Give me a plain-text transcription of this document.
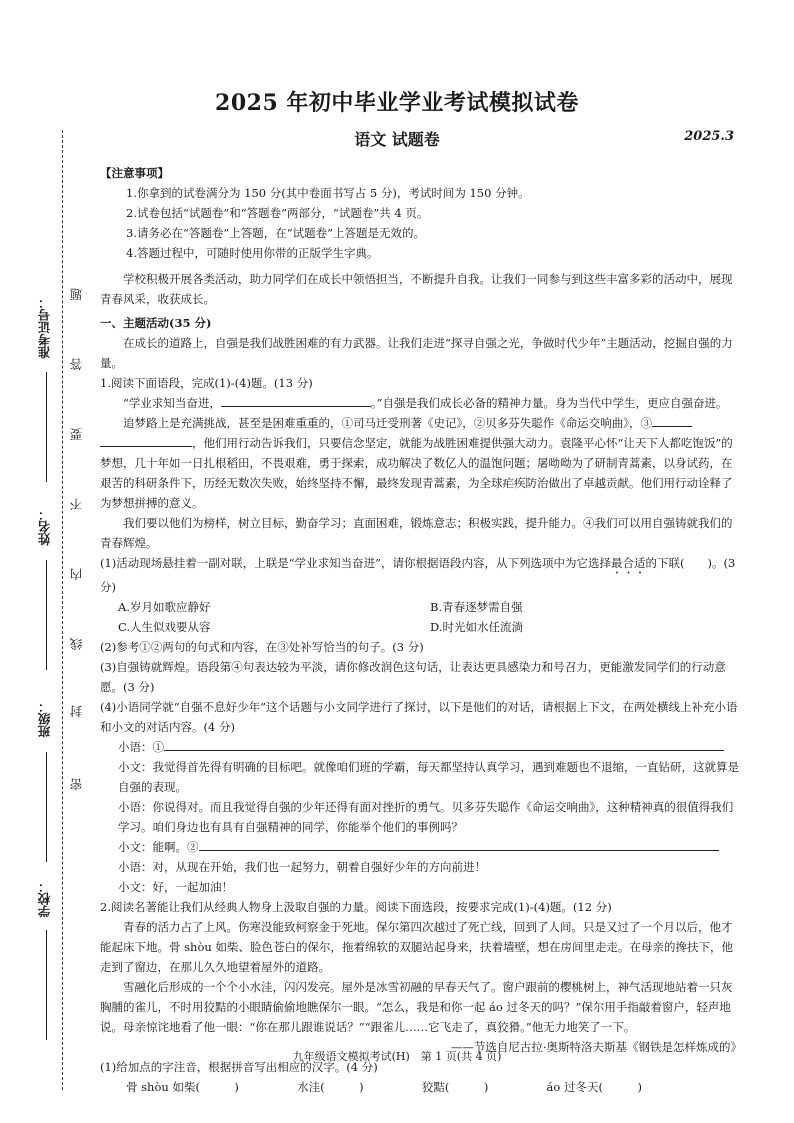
2025 年初中毕业学业考试模拟试卷
语文 试题卷	2025.3
准考证号：
姓名：
班级：
学校：
密
封
线
内
不
要
答
题

【注意事项】

1.你拿到的试卷满分为 150 分(其中卷面书写占 5 分)，考试时间为 150 分钟。

2.试卷包括“试题卷”和“答题卷”两部分，“试题卷”共 4 页。

3.请务必在“答题卷”上答题，在“试题卷”上答题是无效的。

4.答题过程中，可随时使用你带的正版学生字典。

学校积极开展各类活动，助力同学们在成长中领悟担当，不断提升自我。让我们一同参与到这些丰富多彩的活动中，展现青春风采，收获成长。

一、主题活动(35 分)

在成长的道路上，自强是我们战胜困难的有力武器。让我们走进“探寻自强之光，争做时代少年”主题活动，挖掘自强的力量。

1.阅读下面语段，完成(1)-(4)题。(13 分)

“学业求知当奋进，	。”自强是我们成长必备的精神力量。身为当代中学生，更应自强奋进。

追梦路上是充满挑战，甚至是困难重重的，①司马迁受刑著《史记》，②贝多芬失聪作《命运交响曲》，③
，他们用行动告诉我们，只要信念坚定，就能为战胜困难提供强大动力。袁隆平心怀“让天下人都吃饱饭”的梦想，几十年如一日扎根稻田，不畏艰难，勇于探索，成功解决了数亿人的温饱问题；屠呦呦为了研制青蒿素，以身试药，在艰苦的科研条件下，历经无数次失败，始终坚持不懈，最终发现青蒿素，为全球疟疾防治做出了卓越贡献。他们用行动诠释了为梦想拼搏的意义。

我们要以他们为榜样，树立目标，勤奋学习；直面困难，锻炼意志；积极实践，提升能力。④我们可以用自强铸就我们的青春辉煌。

(1)活动现场悬挂着一副对联，上联是“学业求知当奋进”，请你根据语段内容，从下列选项中为它选择最合适的下联(　　)。(3 分)

A.岁月如歌应静好	B.青春逐梦需自强
C.人生似戏要从容	D.时光如水任流淌

(2)参考①②两句的句式和内容，在③处补写恰当的句子。(3 分)

(3)自强铸就辉煌。语段第④句表达较为平淡，请你修改润色这句话，让表达更具感染力和号召力，更能激发同学们的行动意愿。(3 分)

(4)小语同学就“自强不息好少年”这个话题与小文同学进行了探讨，以下是他们的对话，请根据上下文，在两处横线上补充小语和小文的对话内容。(4 分)

小语：①

小文：我觉得首先得有明确的目标吧。就像咱们班的学霸，每天都坚持认真学习，遇到难题也不退缩，一直钻研，这就算是自强的表现。

小语：你说得对。而且我觉得自强的少年还得有面对挫折的勇气。贝多芬失聪作《命运交响曲》，这种精神真的很值得我们学习。咱们身边也有具有自强精神的同学，你能举个他们的事例吗？

小文：能啊。②

小语：对，从现在开始，我们也一起努力，朝着自强好少年的方向前进！

小文：好，一起加油！

2.阅读名著能让我们从经典人物身上汲取自强的力量。阅读下面选段，按要求完成(1)-(4)题。(12 分)

青春的活力占了上风。伤寒没能致柯察金于死地。保尔第四次越过了死亡线，回到了人间。只是又过了一个月以后，他才能起床下地。骨 shòu 如柴、脸色苍白的保尔，拖着绵软的双腿站起身来，扶着墙壁，想在房间里走走。在母亲的搀扶下，他走到了窗边，在那儿久久地望着屋外的道路。

雪融化后形成的一个个小水洼，闪闪发亮。屋外是冰雪初融的早春天气了。窗户跟前的樱桃树上，神气活现地站着一只灰胸脯的雀儿，不时用狡黠的小眼睛偷偷地瞧保尔一眼。“怎么，我是和你一起 áo 过冬天的吗？”保尔用手指敲着窗户，轻声地说。母亲惊诧地看了他一眼：“你在那儿跟谁说话？”“跟雀儿……它飞走了，真狡猾。”他无力地笑了一下。

——节选自尼古拉·奥斯特洛夫斯基《钢铁是怎样炼成的》

(1)给加点的字注音，根据拼音写出相应的汉字。(4 分)

骨 shòu 如柴(　　　)	水洼(　　　)	狡黠(　　　)	áo 过冬天(　　　)
九年级语文模拟考试(H)　第 1 页(共 4 页)
